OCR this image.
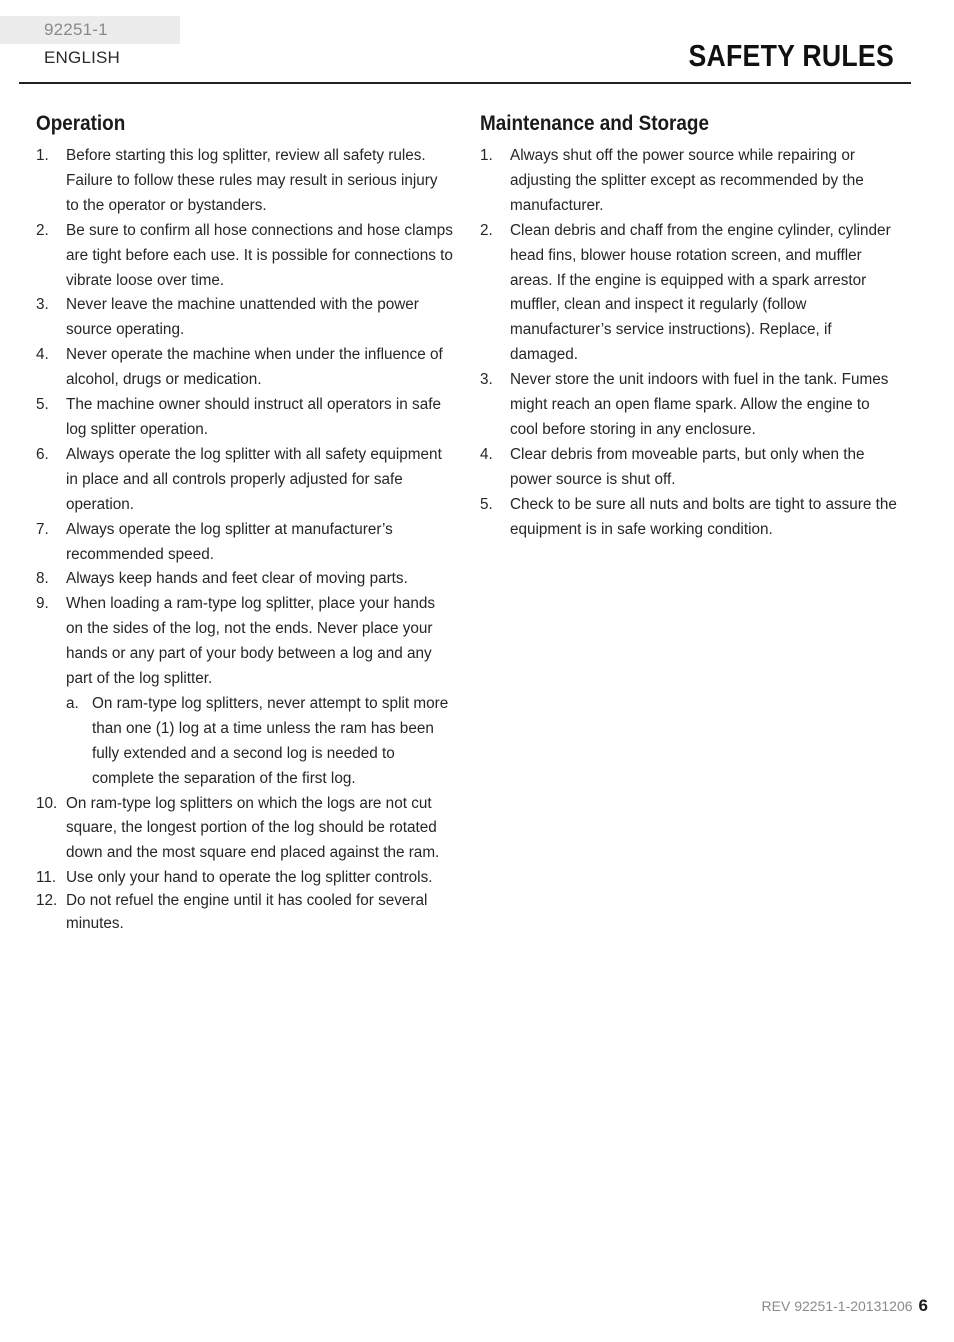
92251-1 ENGLISH	SAFETY RULES
Operation
1. Before starting this log splitter, review all safety rules. Failure to follow these rules may result in serious injury to the operator or bystanders.
2. Be sure to confirm all hose connections and hose clamps are tight before each use. It is possible for connections to vibrate loose over time.
3. Never leave the machine unattended with the power source operating.
4. Never operate the machine when under the influence of alcohol, drugs or medication.
5. The machine owner should instruct all operators in safe log splitter operation.
6. Always operate the log splitter with all safety equipment in place and all controls properly adjusted for safe operation.
7. Always operate the log splitter at manufacturer’s recommended speed.
8. Always keep hands and feet clear of moving parts.
9. When loading a ram-type log splitter, place your hands on the sides of the log, not the ends. Never place your hands or any part of your body between a log and any part of the log splitter.
a. On ram-type log splitters, never attempt to split more than one (1) log at a time unless the ram has been fully extended and a second log is needed to complete the separation of the first log.
10. On ram-type log splitters on which the logs are not cut square, the longest portion of the log should be rotated down and the most square end placed against the ram.
11. Use only your hand to operate the log splitter controls.
12. Do not refuel the engine until it has cooled for several minutes.
Maintenance and Storage
1. Always shut off the power source while repairing or adjusting the splitter except as recommended by the manufacturer.
2. Clean debris and chaff from the engine cylinder, cylinder head fins, blower house rotation screen, and muffler areas. If the engine is equipped with a spark arrestor muffler, clean and inspect it regularly (follow manufacturer’s service instructions). Replace, if damaged.
3. Never store the unit indoors with fuel in the tank. Fumes might reach an open flame spark. Allow the engine to cool before storing in any enclosure.
4. Clear debris from moveable parts, but only when the power source is shut off.
5. Check to be sure all nuts and bolts are tight to assure the equipment is in safe working condition.
REV 92251-1-20131206 6
